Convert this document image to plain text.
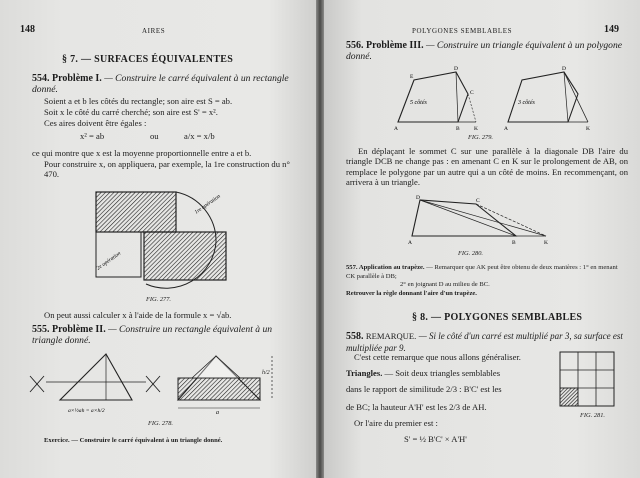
148	AIRES
§ 7. — SURFACES ÉQUIVALENTES
554. Problème I. — Construire le carré équivalent à un rectangle donné.
Soient a et b les côtés du rectangle; son aire est S = ab.
Soit x le côté du carré cherché; son aire est S' = x².
Ces aires doivent être égales :
x² = ab	ou	a/x = x/b
ce qui montre que x est la moyenne proportionnelle entre a et b.
Pour construire x, on appliquera, par exemple, la 1re construction du n° 470.
1re opération
2e opération
FIG. 277.
On peut aussi calculer x à l'aide de la formule x = √ab.
555. Problème II. — Construire un rectangle équivalent à un triangle donné.
a
a×½ah = a×h/2
h/2
FIG. 278.
Exercice. — Construire le carré équivalent à un triangle donné.
POLYGONES SEMBLABLES	149
556. Problème III. — Construire un triangle équivalent à un polygone donné.
5 côtés
D
E
C
A	B	K
3 côtés
A	K
D
FIG. 279.
En déplaçant le sommet C sur une parallèle à la diagonale DB l'aire du triangle DCB ne change pas : en amenant C en K sur le prolongement de AB, on remplace le polygone par un autre qui a un côté de moins. En recommençant, on arrivera à un triangle.
D	C
A	B	K
FIG. 280.
557. Application au trapèze. — Remarquer que AK peut être obtenu de deux manières : 1° en menant CK parallèle à DB;
2° en joignant D au milieu de BC.
Retrouver la règle donnant l'aire d'un trapèze.
§ 8. — POLYGONES SEMBLABLES
558. REMARQUE. — Si le côté d'un carré est multiplié par 3, sa surface est multipliée par 9.
C'est cette remarque que nous allons généraliser.
Triangles. — Soit deux triangles semblables
dans le rapport de similitude 2/3 : B'C' est les
de BC; la hauteur A'H' est les 2/3 de AH.
Or l'aire du premier est :
S' = ½ B'C' × A'H'
FIG. 281.
